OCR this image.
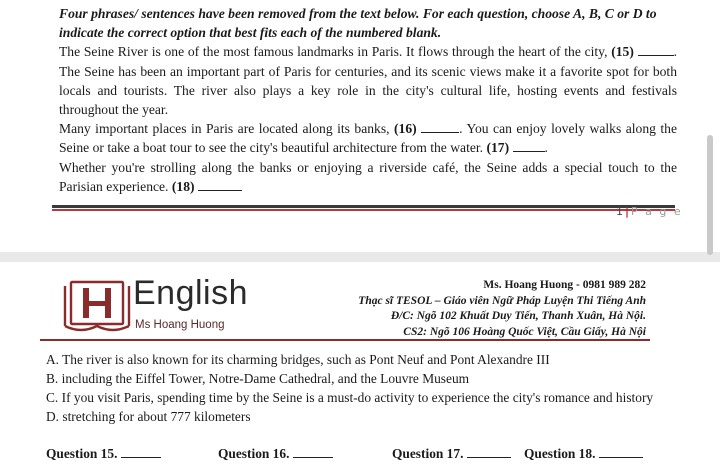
Four phrases/ sentences have been removed from the text below. For each question, choose A, B, C or D to indicate the correct option that best fits each of the numbered blank.
The Seine River is one of the most famous landmarks in Paris. It flows through the heart of the city, (15)	. The Seine has been an important part of Paris for centuries, and its scenic views make it a favorite spot for both locals and tourists. The river also plays a key role in the city's cultural life, hosting events and festivals throughout the year.
Many important places in Paris are located along its banks, (16)	. You can enjoy lovely walks along the Seine or take a boat tour to see the city's beautiful architecture from the water. (17)	.
Whether you're strolling along the banks or enjoying a riverside café, the Seine adds a special touch to the Parisian experience. (18)
1 | P a g e
English
Ms Hoang Huong
Ms. Hoang Huong - 0981 989 282
Thạc sĩ TESOL – Giáo viên Ngữ Pháp Luyện Thi Tiếng Anh
Đ/C: Ngõ 102 Khuất Duy Tiến, Thanh Xuân, Hà Nội.
CS2: Ngõ 106 Hoàng Quốc Việt, Cầu Giấy, Hà Nội
A. The river is also known for its charming bridges, such as Pont Neuf and Pont Alexandre III
B. including the Eiffel Tower, Notre-Dame Cathedral, and the Louvre Museum
C. If you visit Paris, spending time by the Seine is a must-do activity to experience the city's romance and history
D. stretching for about 777 kilometers
Question 15.	Question 16.	Question 17.	Question 18.
